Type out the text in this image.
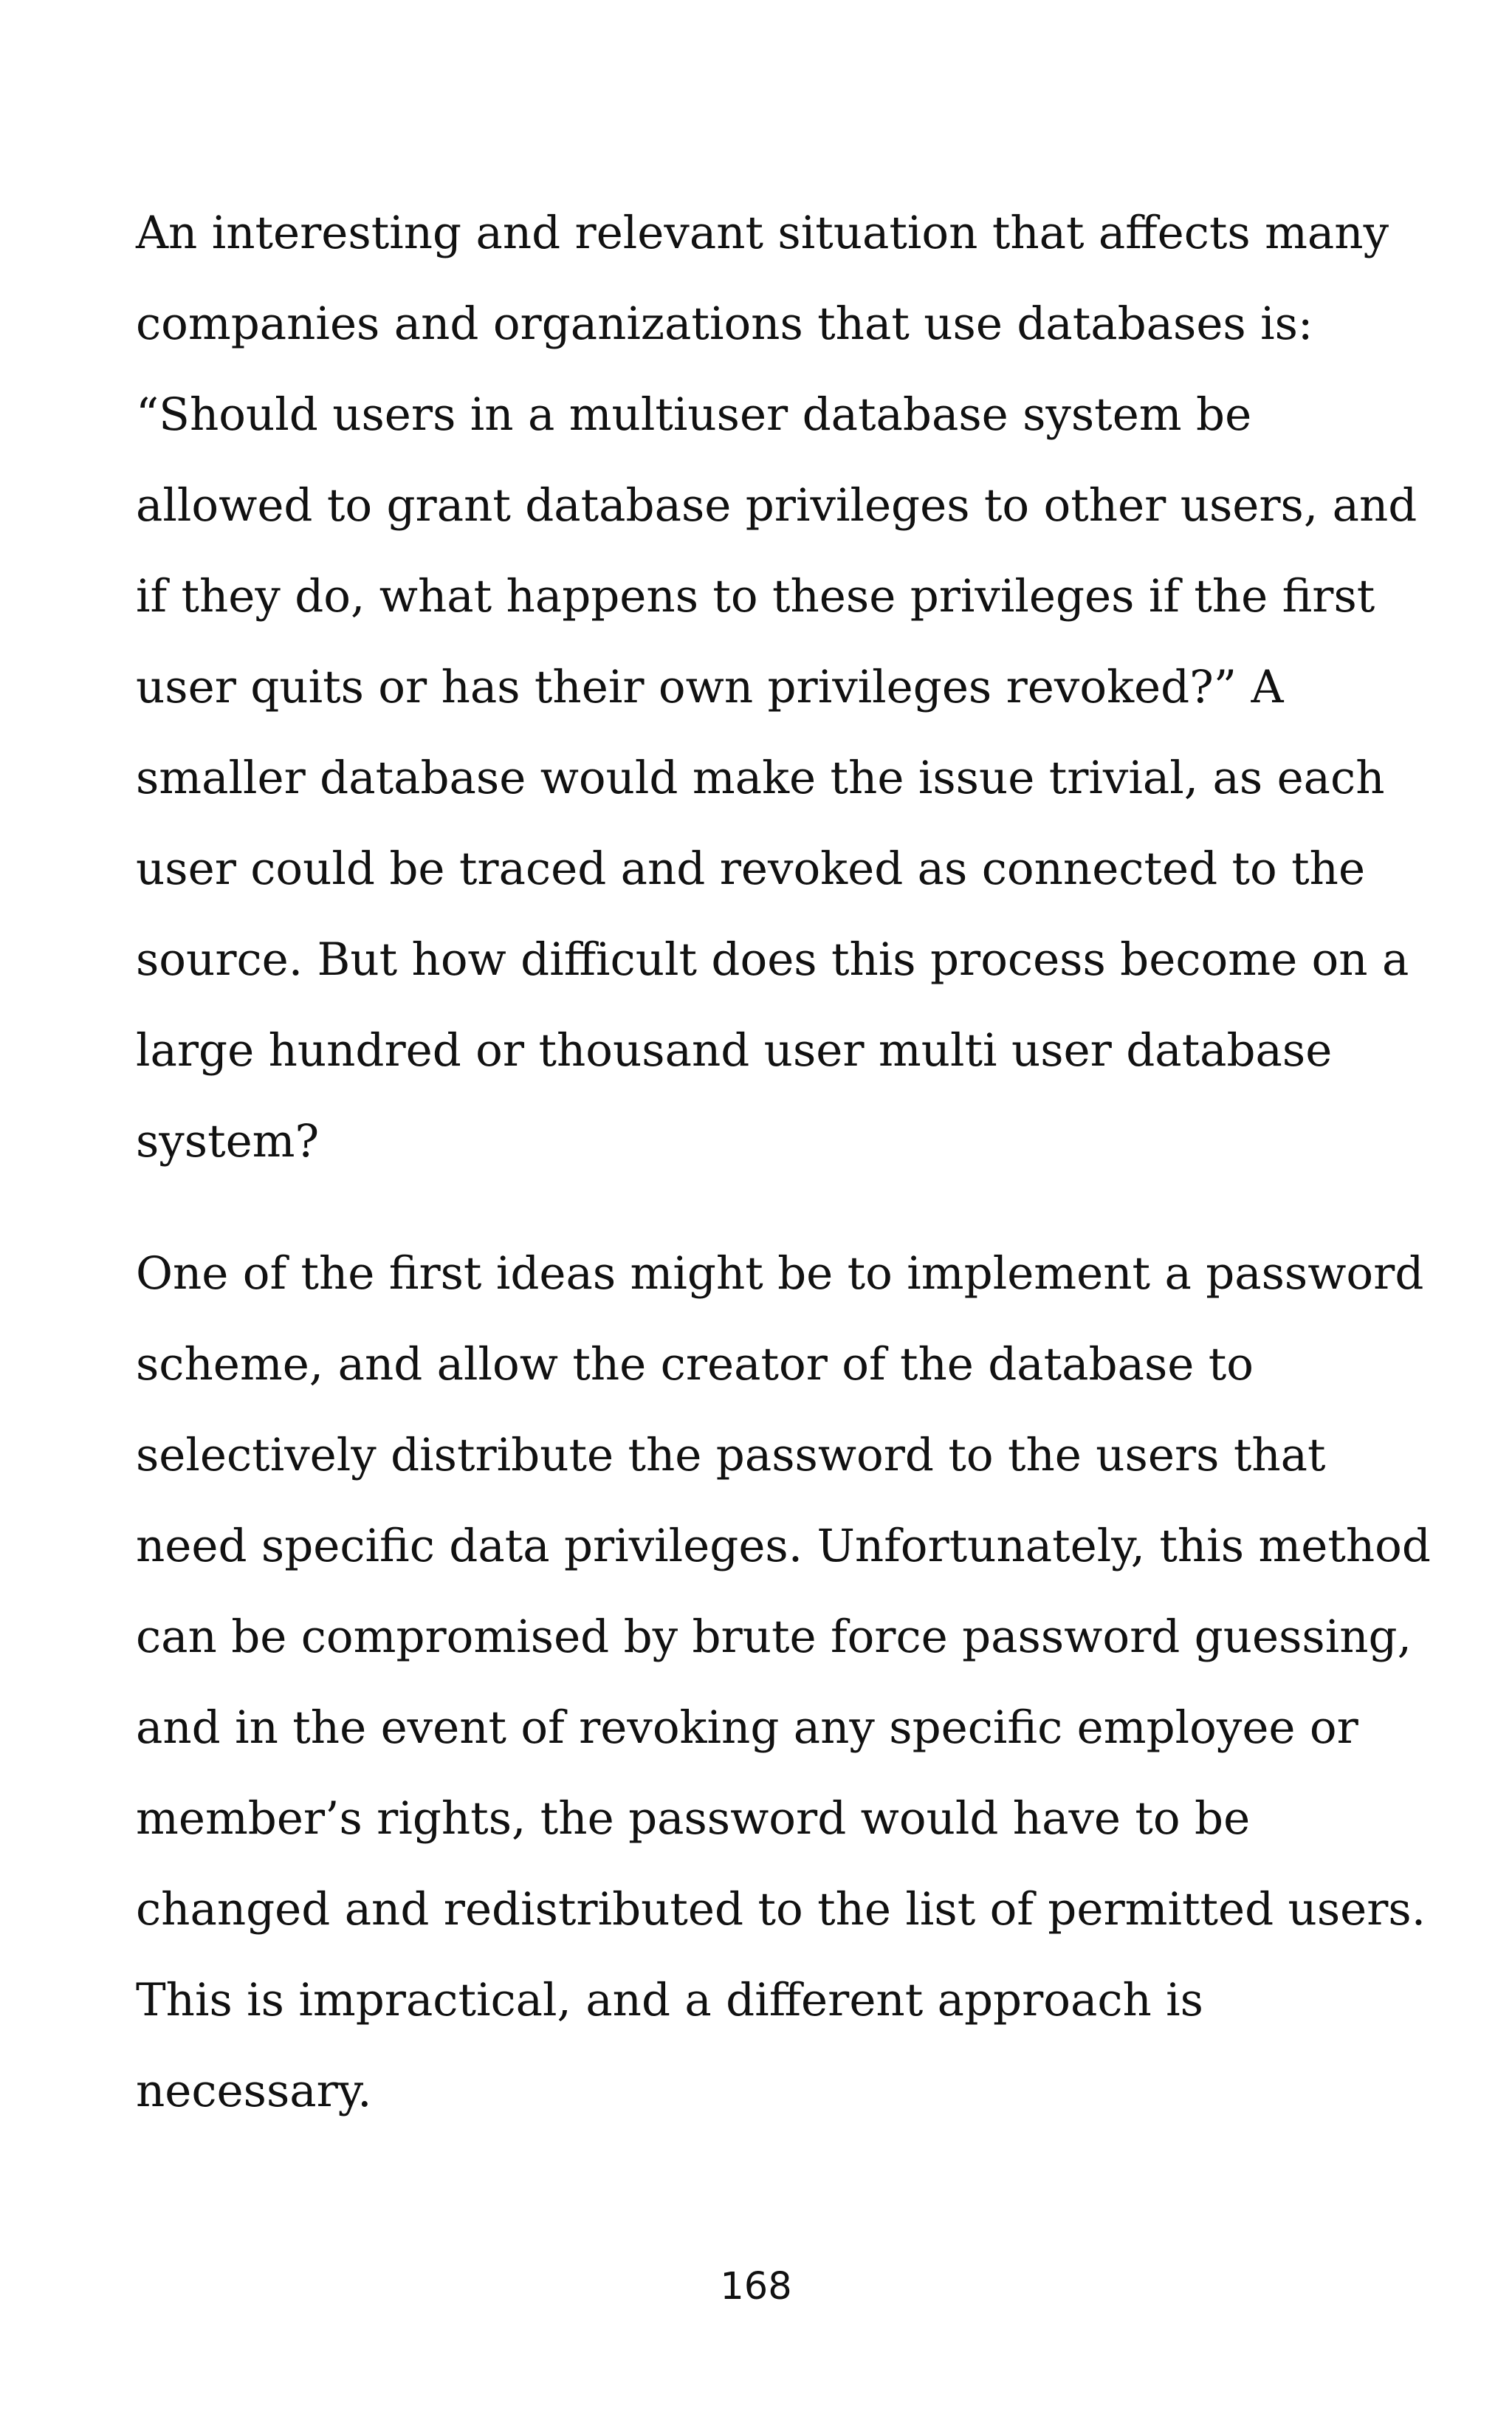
An interesting and relevant situation that affects many
companies and organizations that use databases is:
“Should users in a multiuser database system be
allowed to grant database privileges to other users, and
if they do, what happens to these privileges if the first
user quits or has their own privileges revoked?” A
smaller database would make the issue trivial, as each
user could be traced and revoked as connected to the
source. But how difficult does this process become on a
large hundred or thousand user multi user database
system?
One of the first ideas might be to implement a password
scheme, and allow the creator of the database to
selectively distribute the password to the users that
need specific data privileges. Unfortunately, this method
can be compromised by brute force password guessing,
and in the event of revoking any specific employee or
member’s rights, the password would have to be
changed and redistributed to the list of permitted users.
This is impractical, and a different approach is
necessary.
168
